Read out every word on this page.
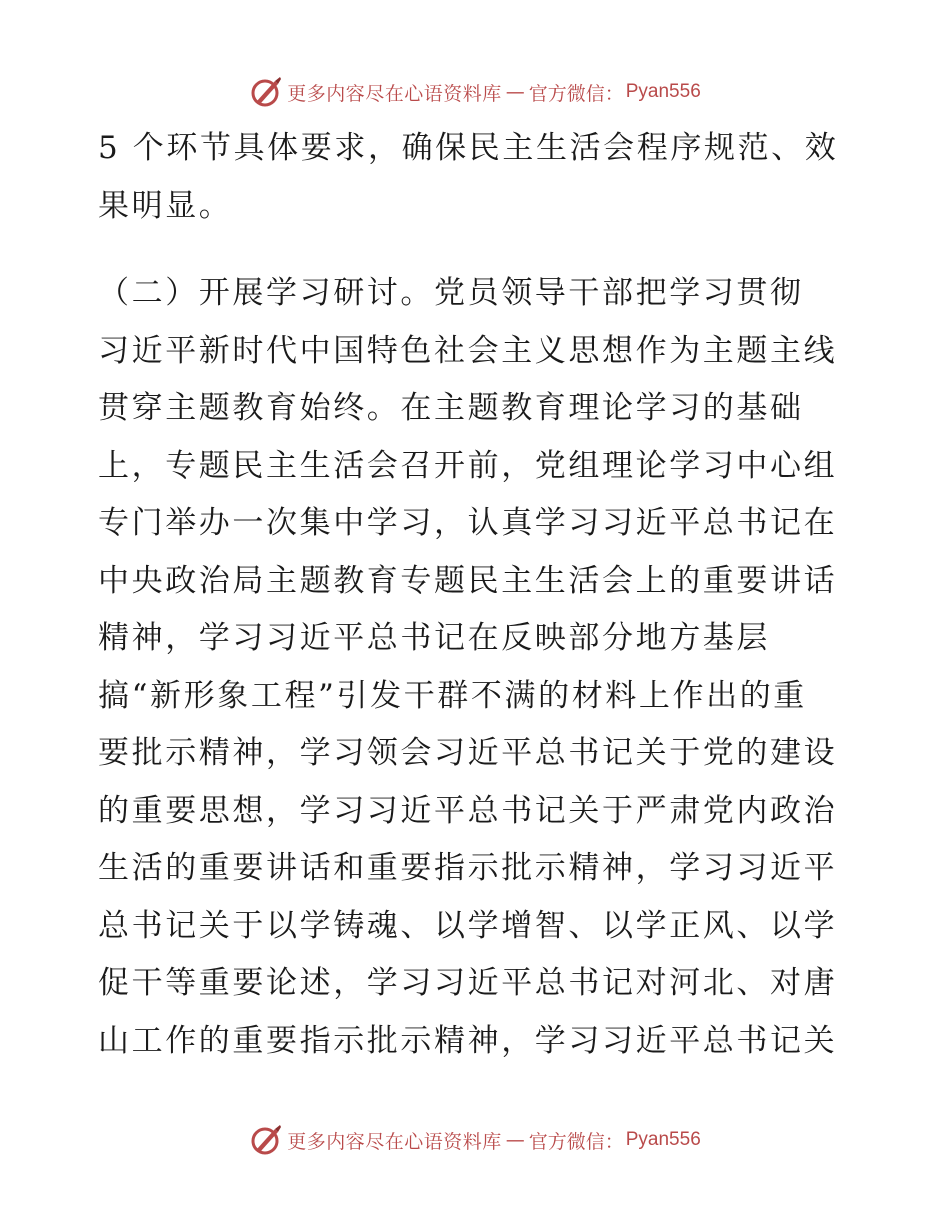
更多内容尽在心语资料库 — 官方微信： Pyan556
5 个环节具体要求，确保民主生活会程序规范、效
果明显。
（二）开展学习研讨。党员领导干部把学习贯彻
习近平新时代中国特色社会主义思想作为主题主线
贯穿主题教育始终。在主题教育理论学习的基础
上，专题民主生活会召开前，党组理论学习中心组
专门举办一次集中学习，认真学习习近平总书记在
中央政治局主题教育专题民主生活会上的重要讲话
精神，学习习近平总书记在反映部分地方基层
搞“新形象工程”引发干群不满的材料上作出的重
要批示精神，学习领会习近平总书记关于党的建设
的重要思想，学习习近平总书记关于严肃党内政治
生活的重要讲话和重要指示批示精神，学习习近平
总书记关于以学铸魂、以学增智、以学正风、以学
促干等重要论述，学习习近平总书记对河北、对唐
山工作的重要指示批示精神，学习习近平总书记关
更多内容尽在心语资料库 — 官方微信： Pyan556
